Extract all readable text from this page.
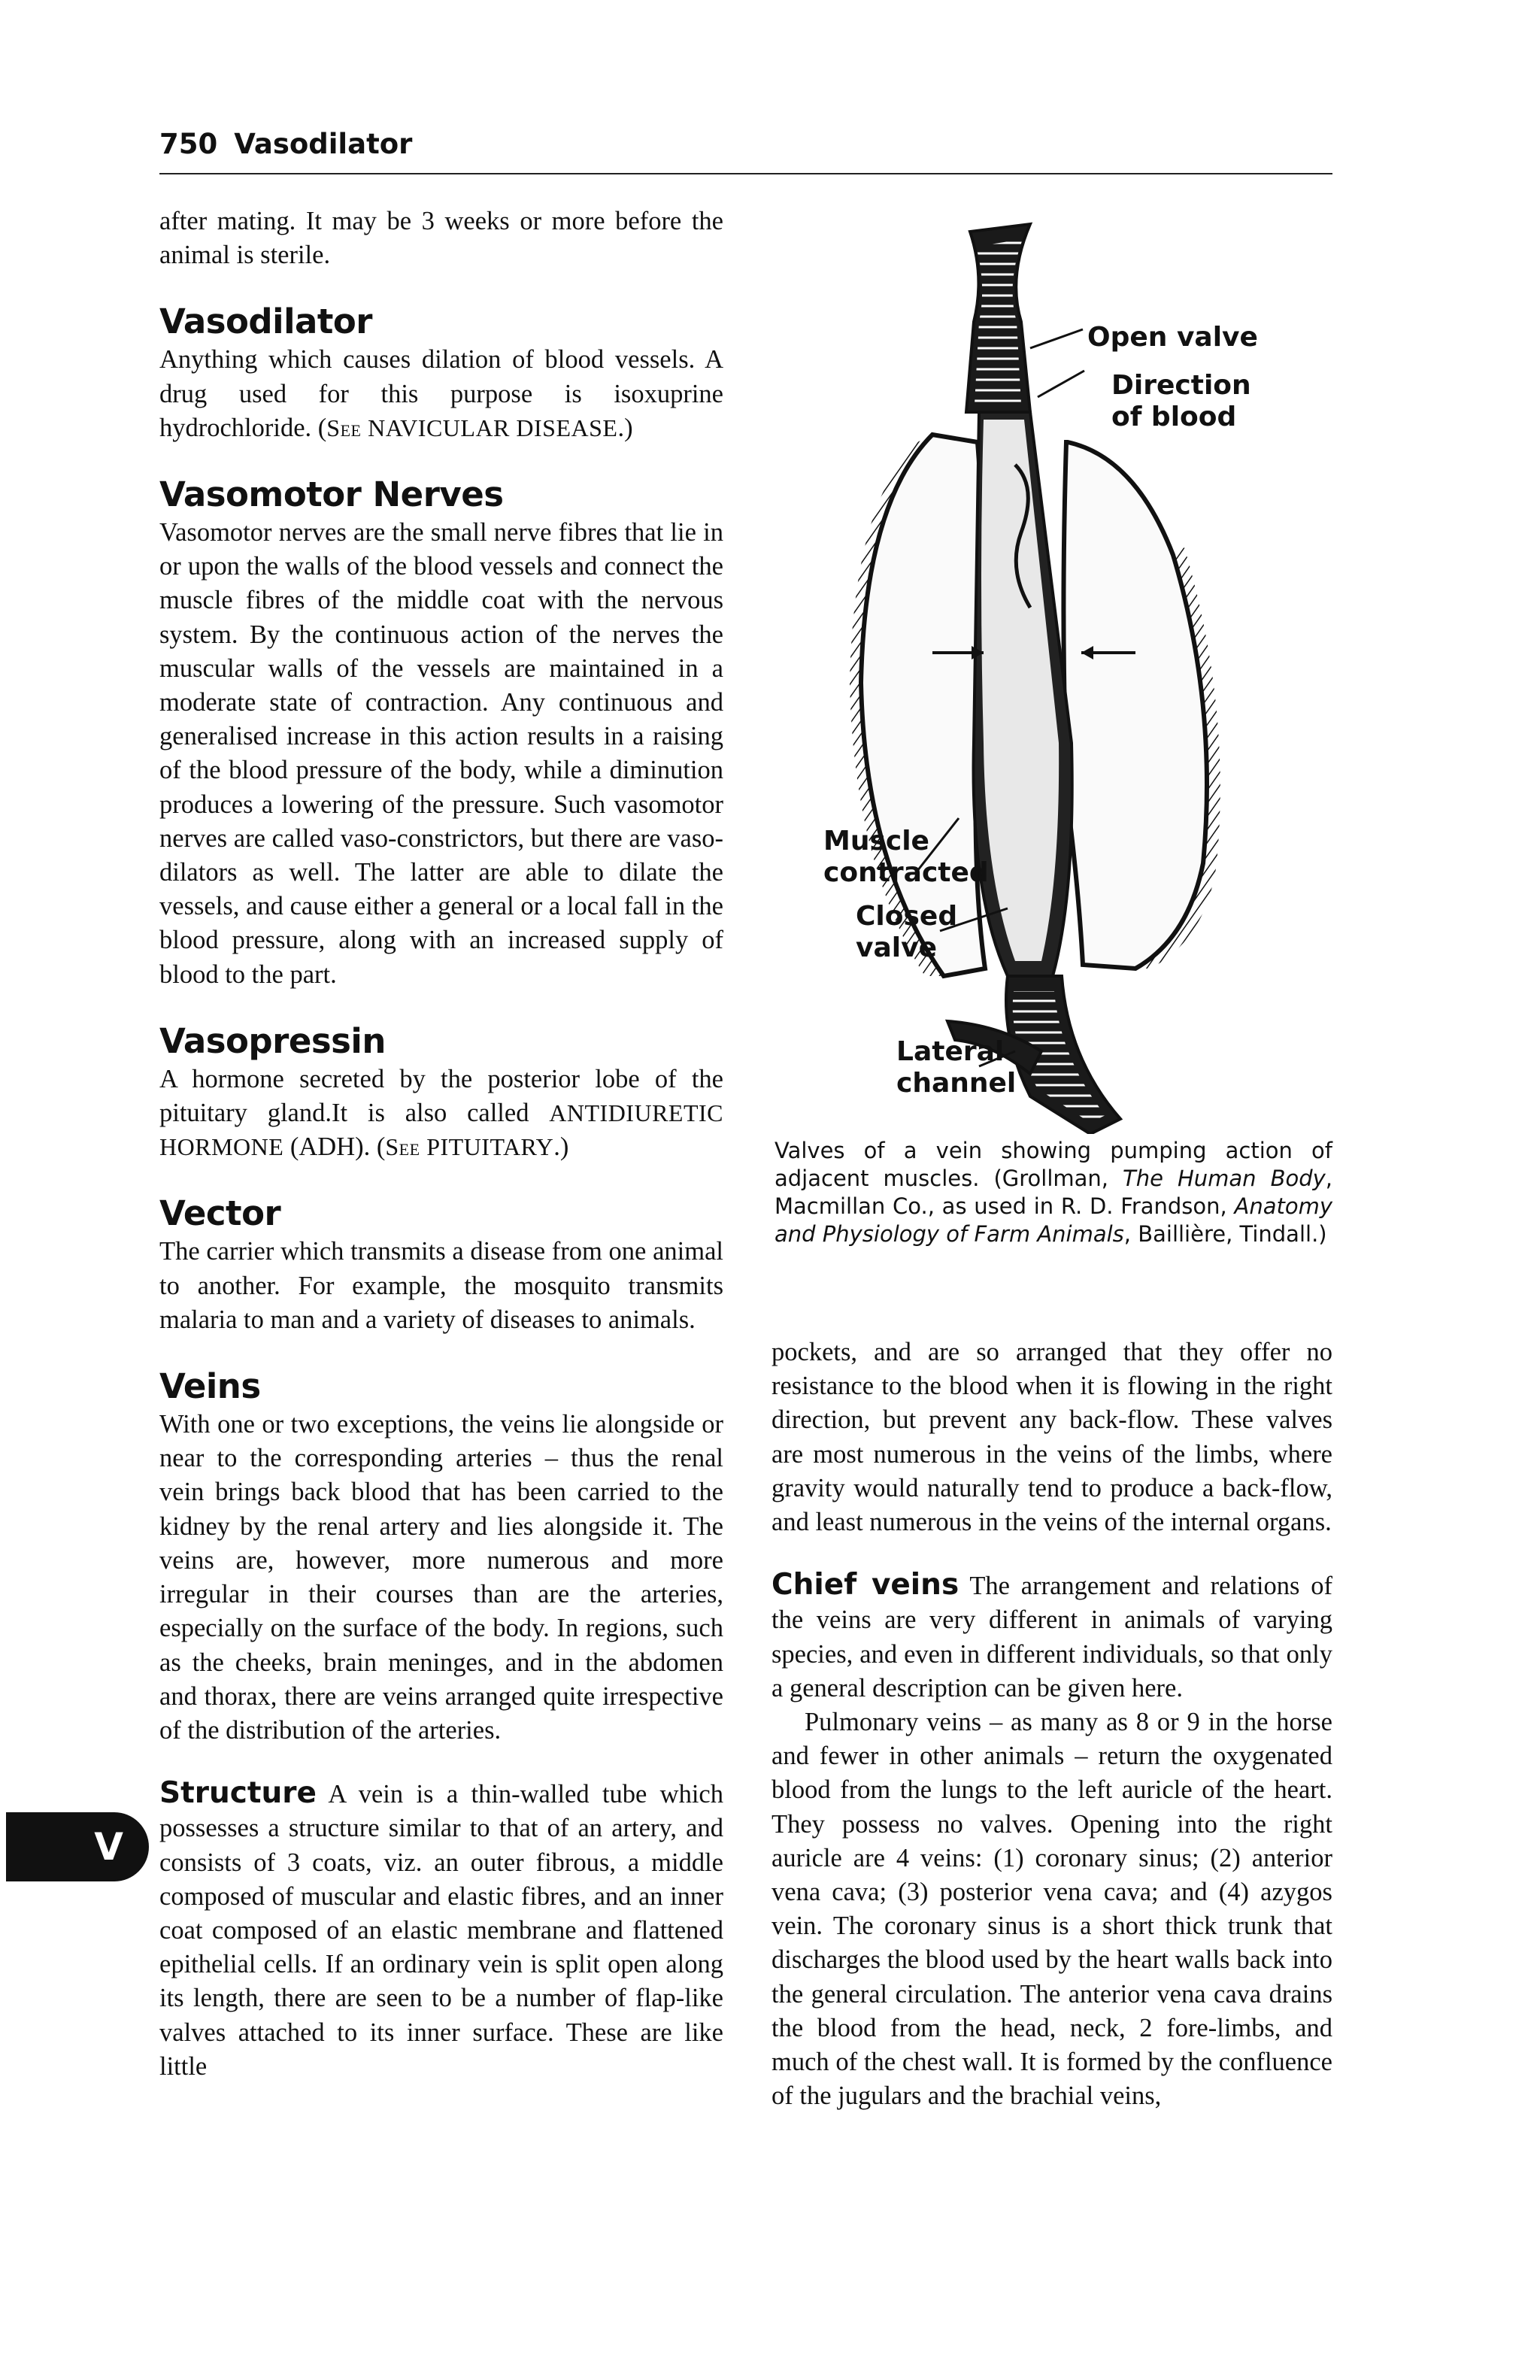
750 Vasodilator

after mating. It may be 3 weeks or more before the animal is sterile.

Vasodilator

Anything which causes dilation of blood vessels. A drug used for this purpose is isoxuprine hydrochloride. (See NAVICULAR DISEASE.)

Vasomotor Nerves

Vasomotor nerves are the small nerve fibres that lie in or upon the walls of the blood vessels and connect the muscle fibres of the middle coat with the nervous system. By the continuous action of the nerves the muscular walls of the vessels are maintained in a moderate state of contraction. Any continuous and generalised increase in this action results in a raising of the blood pressure of the body, while a diminution produces a lowering of the pressure. Such vasomotor nerves are called vaso-constrictors, but there are vaso-dilators as well. The latter are able to dilate the vessels, and cause either a general or a local fall in the blood pressure, along with an increased supply of blood to the part.

Vasopressin

A hormone secreted by the posterior lobe of the pituitary gland.It is also called ANTIDIURETIC HORMONE (ADH). (See PITUITARY.)

Vector

The carrier which transmits a disease from one animal to another. For example, the mosquito transmits malaria to man and a variety of diseases to animals.

Veins

With one or two exceptions, the veins lie alongside or near to the corresponding arteries – thus the renal vein brings back blood that has been carried to the kidney by the renal artery and lies alongside it. The veins are, however, more numerous and more irregular in their courses than are the arteries, especially on the surface of the body. In regions, such as the cheeks, brain meninges, and in the abdomen and thorax, there are veins arranged quite irrespective of the distribution of the arteries.

Structure A vein is a thin-walled tube which possesses a structure similar to that of an artery, and consists of 3 coats, viz. an outer fibrous, a middle composed of muscular and elastic fibres, and an inner coat composed of an elastic membrane and flattened epithelial cells. If an ordinary vein is split open along its length, there are seen to be a number of flap-like valves attached to its inner surface. These are like little

Open valve
Direction
of blood
Muscle
contracted
Closed
valve
Lateral
channel
Valves of a vein showing pumping action of adjacent muscles. (Grollman, The Human Body, Macmillan Co., as used in R. D. Frandson, Anatomy and Physiology of Farm Animals, Baillière, Tindall.)

pockets, and are so arranged that they offer no resistance to the blood when it is flowing in the right direction, but prevent any back-flow. These valves are most numerous in the veins of the limbs, where gravity would naturally tend to produce a back-flow, and least numerous in the veins of the internal organs.

Chief veins The arrangement and relations of the veins are very different in animals of varying species, and even in different individuals, so that only a general description can be given here.

Pulmonary veins – as many as 8 or 9 in the horse and fewer in other animals – return the oxygenated blood from the lungs to the left auricle of the heart. They possess no valves. Opening into the right auricle are 4 veins: (1) coronary sinus; (2) anterior vena cava; (3) posterior vena cava; and (4) azygos vein. The coronary sinus is a short thick trunk that discharges the blood used by the heart walls back into the general circulation. The anterior vena cava drains the blood from the head, neck, 2 fore-limbs, and much of the chest wall. It is formed by the confluence of the jugulars and the brachial veins,

V
